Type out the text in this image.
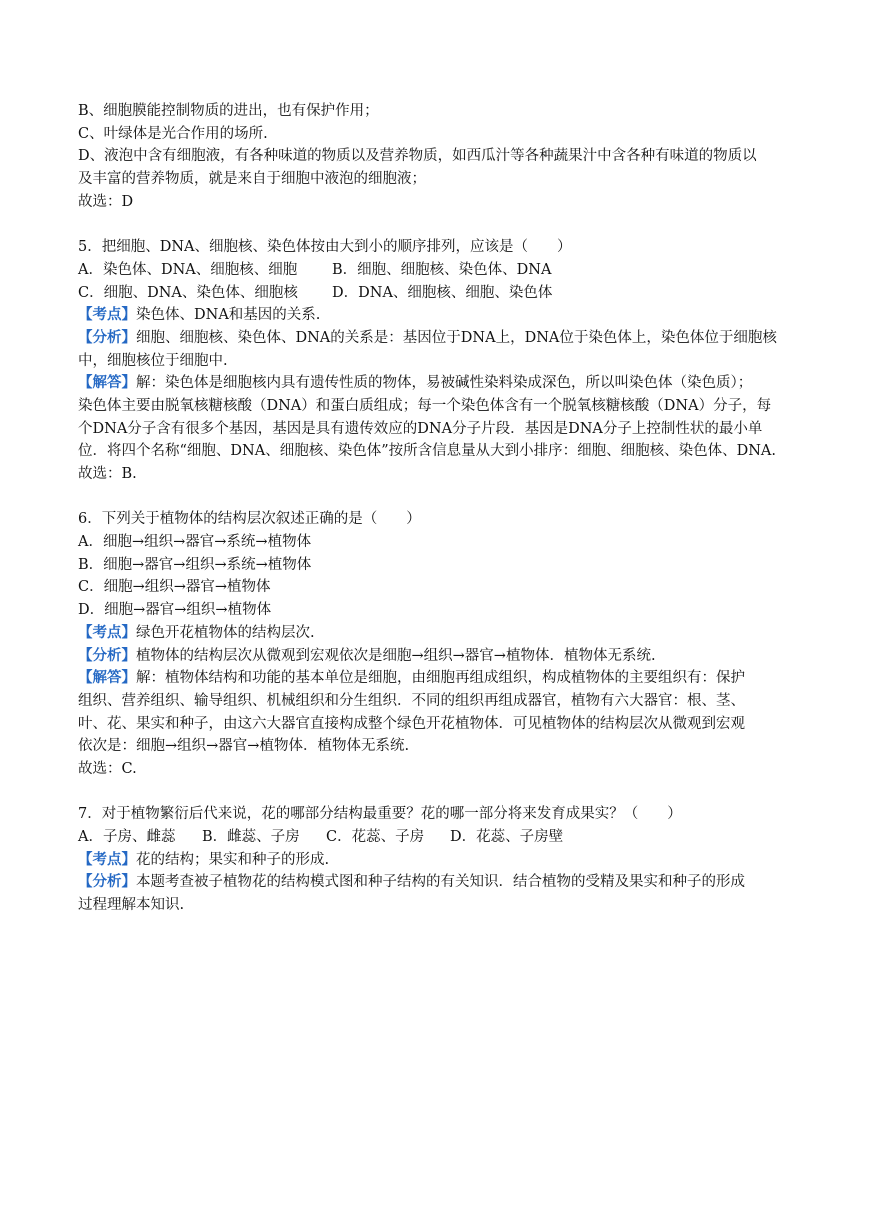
B、细胞膜能控制物质的进出，也有保护作用；
C、叶绿体是光合作用的场所.
D、液泡中含有细胞液，有各种味道的物质以及营养物质，如西瓜汁等各种蔬果汁中含各种有味道的物质以
及丰富的营养物质，就是来自于细胞中液泡的细胞液；
故选：D
5．把细胞、DNA、细胞核、染色体按由大到小的顺序排列，应该是（　　）
A．染色体、DNA、细胞核、细胞 B．细胞、细胞核、染色体、DNA
C．细胞、DNA、染色体、细胞核 D．DNA、细胞核、细胞、染色体
【考点】染色体、DNA和基因的关系.
【分析】细胞、细胞核、染色体、DNA的关系是：基因位于DNA上，DNA位于染色体上，染色体位于细胞核
中，细胞核位于细胞中.
【解答】解：染色体是细胞核内具有遗传性质的物体，易被碱性染料染成深色，所以叫染色体（染色质）；
染色体主要由脱氧核糖核酸（DNA）和蛋白质组成；每一个染色体含有一个脱氧核糖核酸（DNA）分子，每
个DNA分子含有很多个基因，基因是具有遗传效应的DNA分子片段．基因是DNA分子上控制性状的最小单
位．将四个名称“细胞、DNA、细胞核、染色体”按所含信息量从大到小排序：细胞、细胞核、染色体、DNA.
故选：B.
6．下列关于植物体的结构层次叙述正确的是（　　）
A．细胞→组织→器官→系统→植物体
B．细胞→器官→组织→系统→植物体
C．细胞→组织→器官→植物体
D．细胞→器官→组织→植物体
【考点】绿色开花植物体的结构层次.
【分析】植物体的结构层次从微观到宏观依次是细胞→组织→器官→植物体．植物体无系统.
【解答】解：植物体结构和功能的基本单位是细胞，由细胞再组成组织，构成植物体的主要组织有：保护
组织、营养组织、输导组织、机械组织和分生组织．不同的组织再组成器官，植物有六大器官：根、茎、
叶、花、果实和种子，由这六大器官直接构成整个绿色开花植物体．可见植物体的结构层次从微观到宏观
依次是：细胞→组织→器官→植物体．植物体无系统.
故选：C.
7．对于植物繁衍后代来说，花的哪部分结构最重要？花的哪一部分将来发育成果实？（　　）
A．子房、雌蕊 B．雌蕊、子房 C．花蕊、子房 D．花蕊、子房壁
【考点】花的结构；果实和种子的形成.
【分析】本题考查被子植物花的结构模式图和种子结构的有关知识．结合植物的受精及果实和种子的形成
过程理解本知识.
